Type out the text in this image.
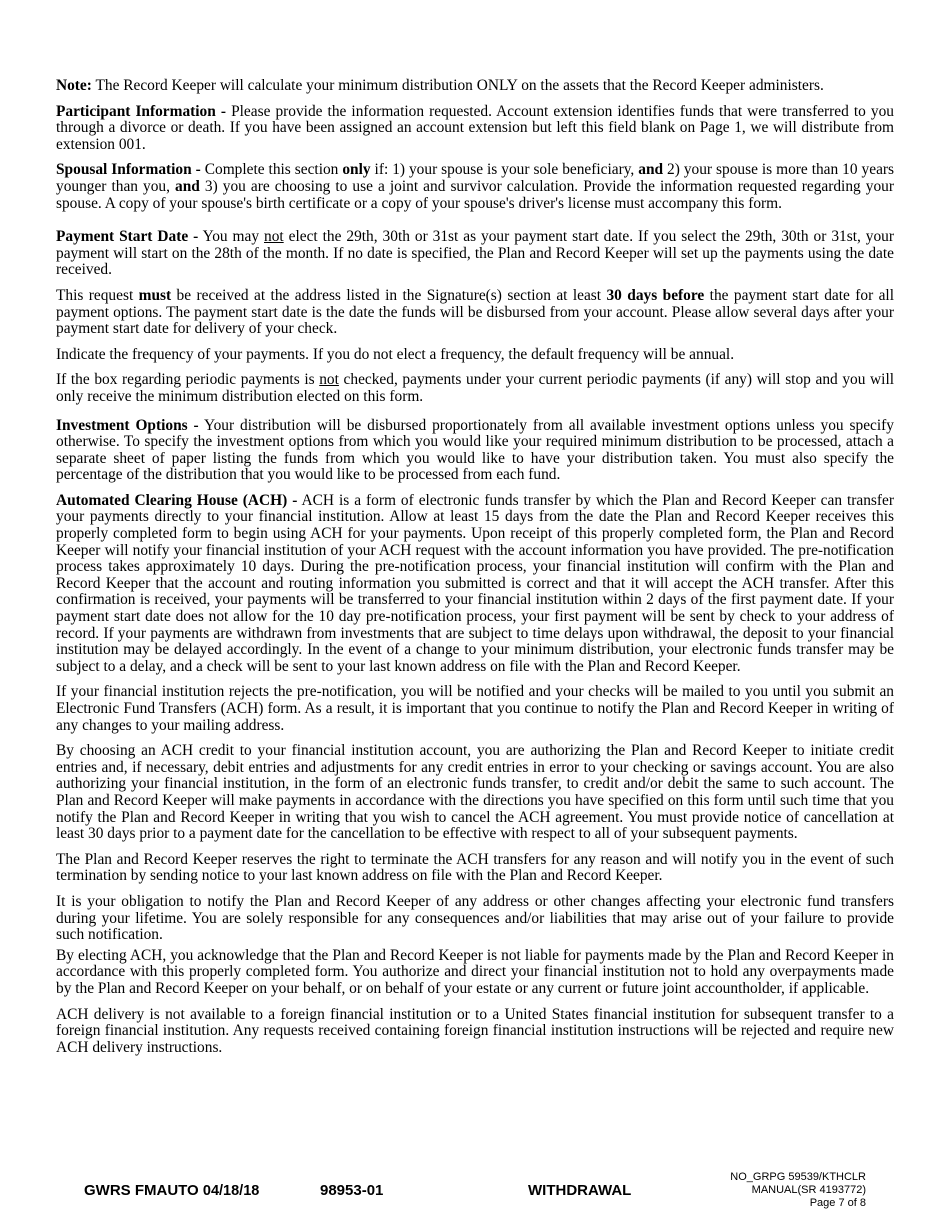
Note: The Record Keeper will calculate your minimum distribution ONLY on the assets that the Record Keeper administers.

Participant Information - Please provide the information requested. Account extension identifies funds that were transferred to you through a divorce or death. If you have been assigned an account extension but left this field blank on Page 1, we will distribute from extension 001.

Spousal Information - Complete this section only if: 1) your spouse is your sole beneficiary, and 2) your spouse is more than 10 years younger than you, and 3) you are choosing to use a joint and survivor calculation. Provide the information requested regarding your spouse. A copy of your spouse's birth certificate or a copy of your spouse's driver's license must accompany this form.

Payment Start Date - You may not elect the 29th, 30th or 31st as your payment start date. If you select the 29th, 30th or 31st, your payment will start on the 28th of the month. If no date is specified, the Plan and Record Keeper will set up the payments using the date received.

This request must be received at the address listed in the Signature(s) section at least 30 days before the payment start date for all payment options. The payment start date is the date the funds will be disbursed from your account. Please allow several days after your payment start date for delivery of your check.

Indicate the frequency of your payments. If you do not elect a frequency, the default frequency will be annual.

If the box regarding periodic payments is not checked, payments under your current periodic payments (if any) will stop and you will only receive the minimum distribution elected on this form.

Investment Options - Your distribution will be disbursed proportionately from all available investment options unless you specify otherwise. To specify the investment options from which you would like your required minimum distribution to be processed, attach a separate sheet of paper listing the funds from which you would like to have your distribution taken. You must also specify the percentage of the distribution that you would like to be processed from each fund.

Automated Clearing House (ACH) - ACH is a form of electronic funds transfer by which the Plan and Record Keeper can transfer your payments directly to your financial institution. Allow at least 15 days from the date the Plan and Record Keeper receives this properly completed form to begin using ACH for your payments. Upon receipt of this properly completed form, the Plan and Record Keeper will notify your financial institution of your ACH request with the account information you have provided. The pre-notification process takes approximately 10 days. During the pre-notification process, your financial institution will confirm with the Plan and Record Keeper that the account and routing information you submitted is correct and that it will accept the ACH transfer. After this confirmation is received, your payments will be transferred to your financial institution within 2 days of the first payment date. If your payment start date does not allow for the 10 day pre-notification process, your first payment will be sent by check to your address of record. If your payments are withdrawn from investments that are subject to time delays upon withdrawal, the deposit to your financial institution may be delayed accordingly. In the event of a change to your minimum distribution, your electronic funds transfer may be subject to a delay, and a check will be sent to your last known address on file with the Plan and Record Keeper.

If your financial institution rejects the pre-notification, you will be notified and your checks will be mailed to you until you submit an Electronic Fund Transfers (ACH) form. As a result, it is important that you continue to notify the Plan and Record Keeper in writing of any changes to your mailing address.

By choosing an ACH credit to your financial institution account, you are authorizing the Plan and Record Keeper to initiate credit entries and, if necessary, debit entries and adjustments for any credit entries in error to your checking or savings account. You are also authorizing your financial institution, in the form of an electronic funds transfer, to credit and/or debit the same to such account. The Plan and Record Keeper will make payments in accordance with the directions you have specified on this form until such time that you notify the Plan and Record Keeper in writing that you wish to cancel the ACH agreement. You must provide notice of cancellation at least 30 days prior to a payment date for the cancellation to be effective with respect to all of your subsequent payments.

The Plan and Record Keeper reserves the right to terminate the ACH transfers for any reason and will notify you in the event of such termination by sending notice to your last known address on file with the Plan and Record Keeper.

It is your obligation to notify the Plan and Record Keeper of any address or other changes affecting your electronic fund transfers during your lifetime. You are solely responsible for any consequences and/or liabilities that may arise out of your failure to provide such notification.

By electing ACH, you acknowledge that the Plan and Record Keeper is not liable for payments made by the Plan and Record Keeper in accordance with this properly completed form. You authorize and direct your financial institution not to hold any overpayments made by the Plan and Record Keeper on your behalf, or on behalf of your estate or any current or future joint accountholder, if applicable.

ACH delivery is not available to a foreign financial institution or to a United States financial institution for subsequent transfer to a foreign financial institution. Any requests received containing foreign financial institution instructions will be rejected and require new ACH delivery instructions.

GWRS FMAUTO 04/18/18	98953-01	WITHDRAWAL
NO_GRPG 59539/KTHCLR
MANUAL(SR 4193772)
Page 7 of 8
